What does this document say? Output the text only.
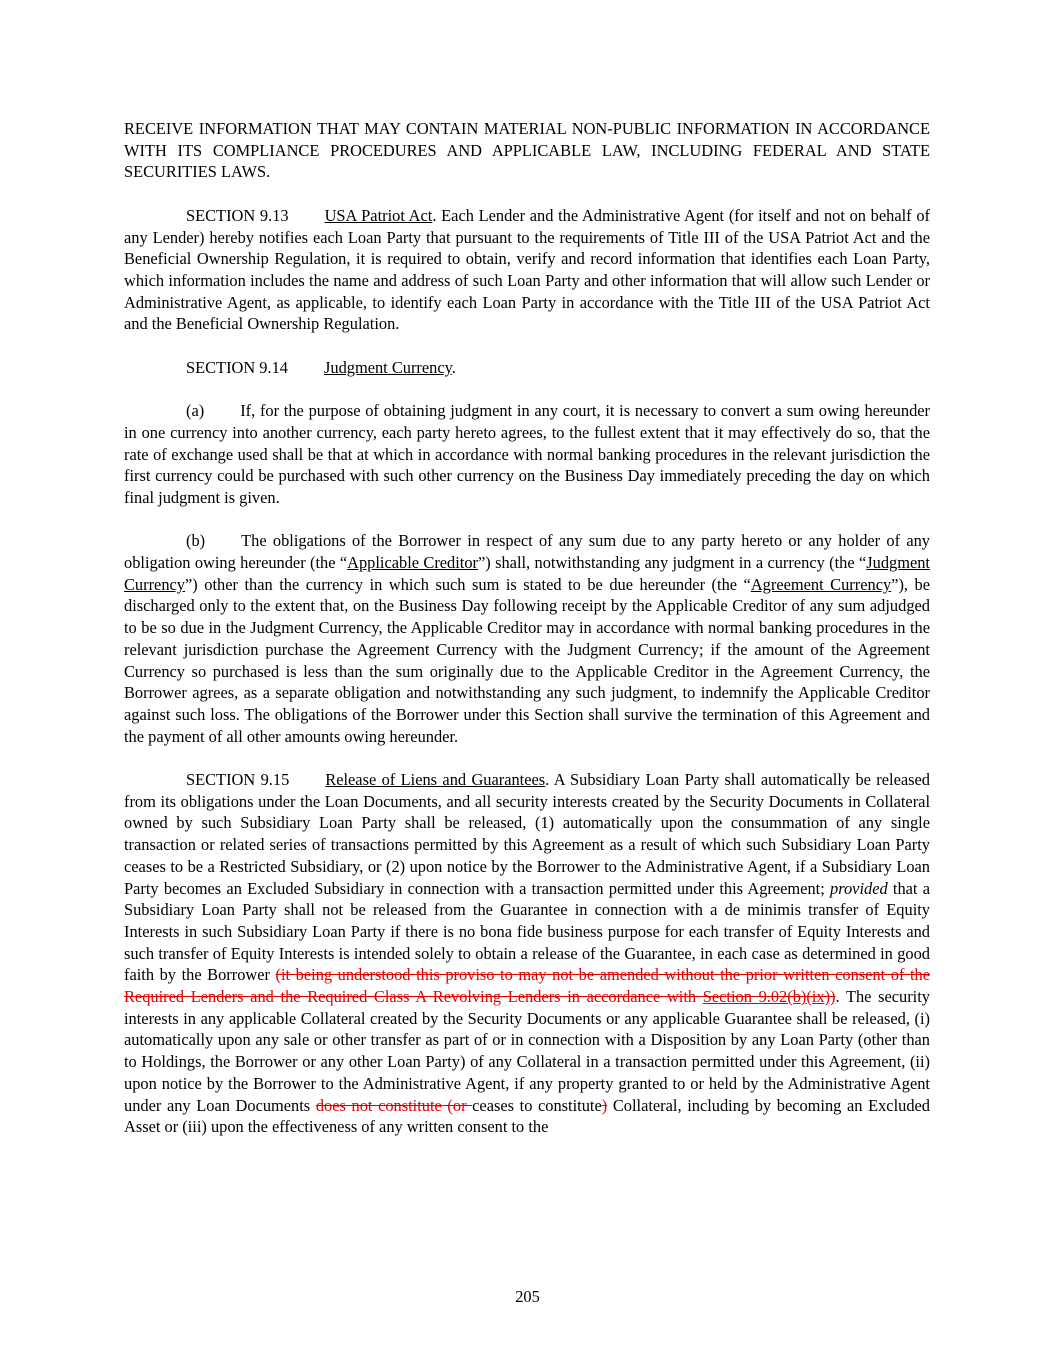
RECEIVE INFORMATION THAT MAY CONTAIN MATERIAL NON-PUBLIC INFORMATION IN ACCORDANCE WITH ITS COMPLIANCE PROCEDURES AND APPLICABLE LAW, INCLUDING FEDERAL AND STATE SECURITIES LAWS.

SECTION 9.13 USA Patriot Act. Each Lender and the Administrative Agent (for itself and not on behalf of any Lender) hereby notifies each Loan Party that pursuant to the requirements of Title III of the USA Patriot Act and the Beneficial Ownership Regulation, it is required to obtain, verify and record information that identifies each Loan Party, which information includes the name and address of such Loan Party and other information that will allow such Lender or Administrative Agent, as applicable, to identify each Loan Party in accordance with the Title III of the USA Patriot Act and the Beneficial Ownership Regulation.

SECTION 9.14 Judgment Currency.

(a) If, for the purpose of obtaining judgment in any court, it is necessary to convert a sum owing hereunder in one currency into another currency, each party hereto agrees, to the fullest extent that it may effectively do so, that the rate of exchange used shall be that at which in accordance with normal banking procedures in the relevant jurisdiction the first currency could be purchased with such other currency on the Business Day immediately preceding the day on which final judgment is given.

(b) The obligations of the Borrower in respect of any sum due to any party hereto or any holder of any obligation owing hereunder (the “Applicable Creditor”) shall, notwithstanding any judgment in a currency (the “Judgment Currency”) other than the currency in which such sum is stated to be due hereunder (the “Agreement Currency”), be discharged only to the extent that, on the Business Day following receipt by the Applicable Creditor of any sum adjudged to be so due in the Judgment Currency, the Applicable Creditor may in accordance with normal banking procedures in the relevant jurisdiction purchase the Agreement Currency with the Judgment Currency; if the amount of the Agreement Currency so purchased is less than the sum originally due to the Applicable Creditor in the Agreement Currency, the Borrower agrees, as a separate obligation and notwithstanding any such judgment, to indemnify the Applicable Creditor against such loss. The obligations of the Borrower under this Section shall survive the termination of this Agreement and the payment of all other amounts owing hereunder.

SECTION 9.15 Release of Liens and Guarantees. A Subsidiary Loan Party shall automatically be released from its obligations under the Loan Documents, and all security interests created by the Security Documents in Collateral owned by such Subsidiary Loan Party shall be released, (1) automatically upon the consummation of any single transaction or related series of transactions permitted by this Agreement as a result of which such Subsidiary Loan Party ceases to be a Restricted Subsidiary, or (2) upon notice by the Borrower to the Administrative Agent, if a Subsidiary Loan Party becomes an Excluded Subsidiary in connection with a transaction permitted under this Agreement; provided that a Subsidiary Loan Party shall not be released from the Guarantee in connection with a de minimis transfer of Equity Interests in such Subsidiary Loan Party if there is no bona fide business purpose for each transfer of Equity Interests and such transfer of Equity Interests is intended solely to obtain a release of the Guarantee, in each case as determined in good faith by the Borrower (it being understood this proviso to may not be amended without the prior written consent of the Required Lenders and the Required Class A Revolving Lenders in accordance with Section 9.02(b)(ix)). The security interests in any applicable Collateral created by the Security Documents or any applicable Guarantee shall be released, (i) automatically upon any sale or other transfer as part of or in connection with a Disposition by any Loan Party (other than to Holdings, the Borrower or any other Loan Party) of any Collateral in a transaction permitted under this Agreement, (ii) upon notice by the Borrower to the Administrative Agent, if any property granted to or held by the Administrative Agent under any Loan Documents does not constitute (or ceases to constitute) Collateral, including by becoming an Excluded Asset or (iii) upon the effectiveness of any written consent to the

205
